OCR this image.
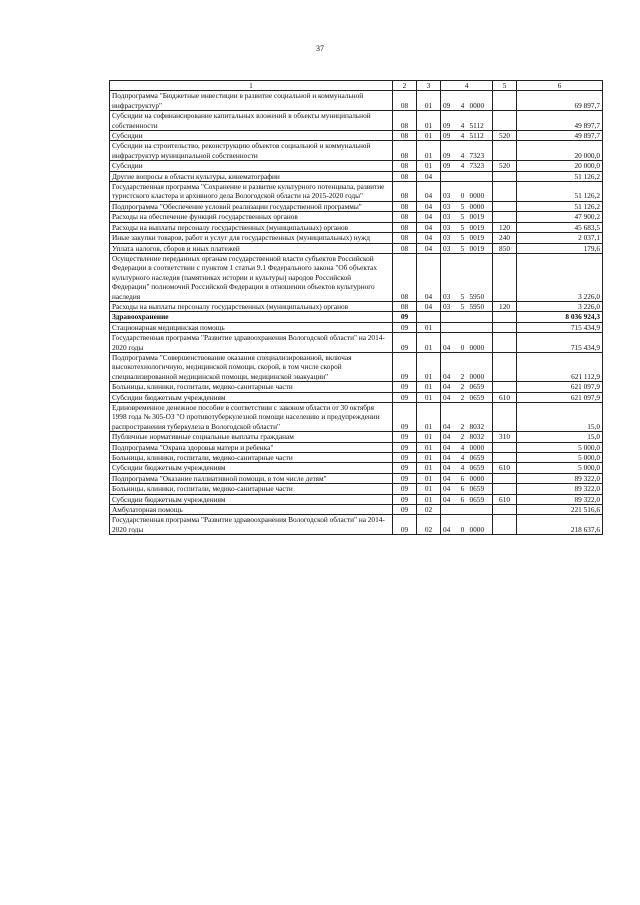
37
1	2	3	4			5	6
Подпрограмма "Бюджетные инвестиции в развитие социальной и коммунальной инфраструктур"	08	01	09	4	0000		69 897,7
Субсидии на софинансирование капитальных вложений в объекты муниципальной собственности	08	01	09	4	5112		49 897,7
Субсидии	08	01	09	4	5112	520	49 897,7
Субсидии на строительство, реконструкцию объектов социальной и коммунальной инфраструктур муниципальной собственности	08	01	09	4	7323		20 000,0
Субсидии	08	01	09	4	7323	520	20 000,0
Другие вопросы в области культуры, кинематографии	08	04					51 126,2
Государственная программа "Сохранение и развитие культурного потенциала, развитие туристского кластера и архивного дела Вологодской области на 2015-2020 годы"	08	04	03	0	0000		51 126,2
Подпрограмма "Обеспечение условий реализации государственной программы"	08	04	03	5	0000		51 126,2
Расходы на обеспечение функций государственных органов	08	04	03	5	0019		47 900,2
Расходы на выплаты персоналу государственных (муниципальных) органов	08	04	03	5	0019	120	45 683,5
Иные закупки товаров, работ и услуг для государственных (муниципальных) нужд	08	04	03	5	0019	240	2 037,1
Уплата налогов, сборов и иных платежей	08	04	03	5	0019	850	179,6
Осуществление переданных органам государственной власти субъектов Российской Федерации в соответствии с пунктом 1 статьи 9.1 Федерального закона "Об объектах культурного наследия (памятниках истории и культуры) народов Российской Федерации" полномочий Российской Федерации в отношении объектов культурного наследия	08	04	03	5	5950		3 226,0
Расходы на выплаты персоналу государственных (муниципальных) органов	08	04	03	5	5950	120	3 226,0
Здравоохранение	09						8 036 924,3
Стационарная медицинская помощь	09	01					715 434,9
Государственная программа "Развитие здравоохранения Вологодской области" на 2014-2020 годы	09	01	04	0	0000		715 434,9
Подпрограмма "Совершенствование оказания специализированной, включая высокотехнологичную, медицинской помощи, скорой, в том числе скорой специализированной медицинской помощи, медицинской эвакуации"	09	01	04	2	0000		621 112,9
Больницы, клиники, госпитали, медико-санитарные части	09	01	04	2	0659		621 097,9
Субсидии бюджетным учреждениям	09	01	04	2	0659	610	621 097,9
Единовременное денежное пособие в соответствии с законом области от 30 октября 1998 года № 305-ОЗ "О противотуберкулезной помощи населению и предупреждении распространения туберкулеза в Вологодской области"	09	01	04	2	8032		15,0
Публичные нормативные социальные выплаты гражданам	09	01	04	2	8032	310	15,0
Подпрограмма "Охрана здоровья матери и ребенка"	09	01	04	4	0000		5 000,0
Больницы, клиники, госпитали, медико-санитарные части	09	01	04	4	0659		5 000,0
Субсидии бюджетным учреждениям	09	01	04	4	0659	610	5 000,0
Подпрограмма "Оказание паллиативной помощи, в том числе детям"	09	01	04	6	0000		89 322,0
Больницы, клиники, госпитали, медико-санитарные части	09	01	04	6	0659		89 322,0
Субсидии бюджетным учреждениям	09	01	04	6	0659	610	89 322,0
Амбулаторная помощь	09	02					221 516,6
Государственная программа "Развитие здравоохранения Вологодской области" на 2014-2020 годы	09	02	04	0	0000		218 637,6
